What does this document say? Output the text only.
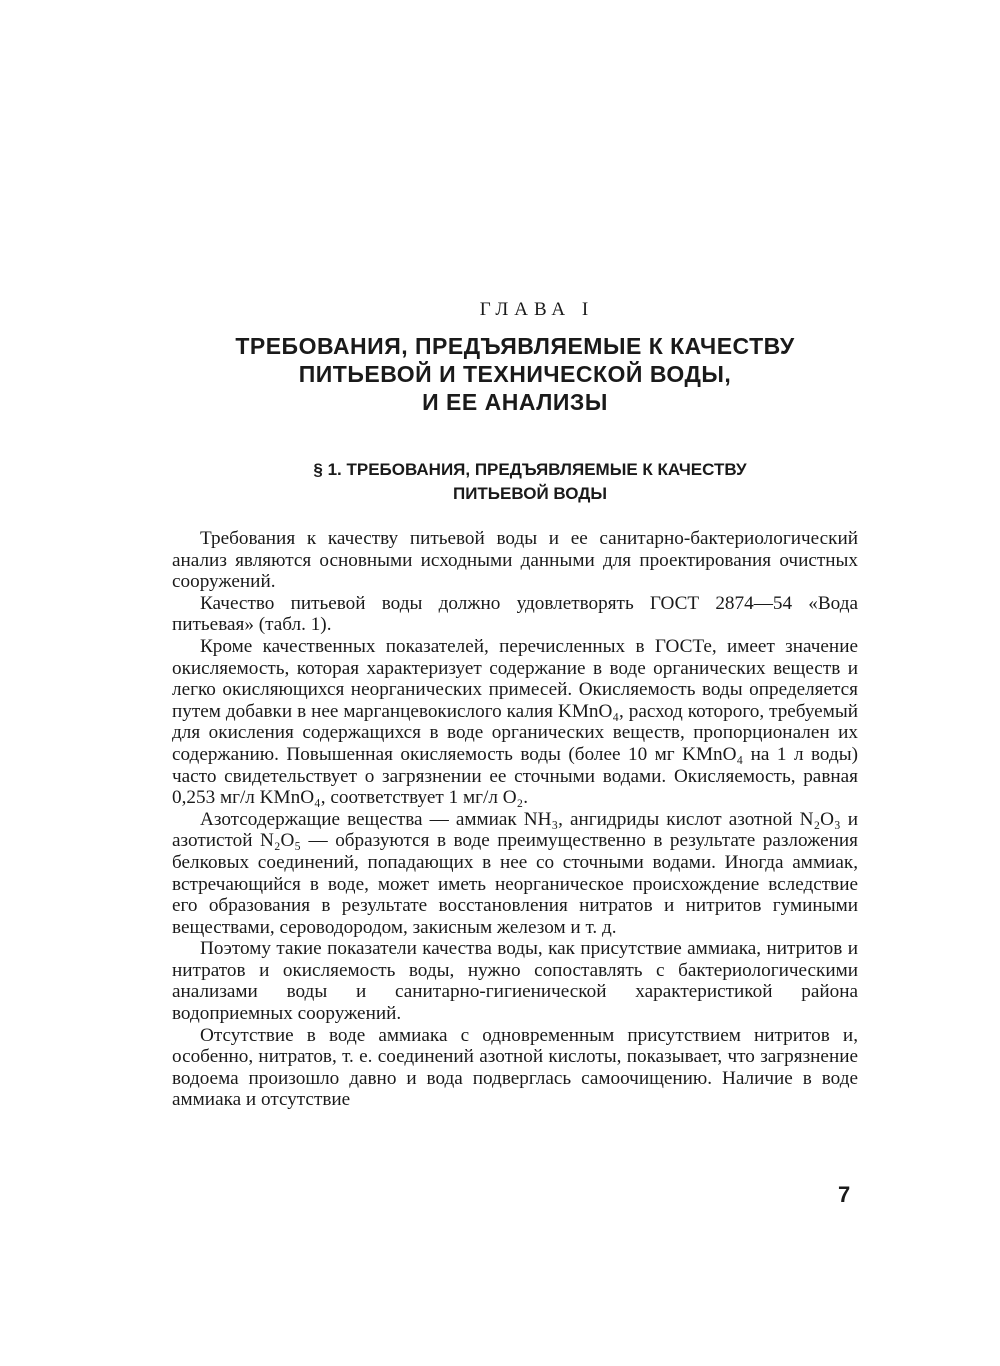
ГЛАВА I
ТРЕБОВАНИЯ, ПРЕДЪЯВЛЯЕМЫЕ К КАЧЕСТВУ
ПИТЬЕВОЙ И ТЕХНИЧЕСКОЙ ВОДЫ,
И ЕЕ АНАЛИЗЫ
§ 1. ТРЕБОВАНИЯ, ПРЕДЪЯВЛЯЕМЫЕ К КАЧЕСТВУ
ПИТЬЕВОЙ ВОДЫ

Требования к качеству питьевой воды и ее санитарно-бактериологический анализ являются основными исходными данными для проектирования очистных сооружений.

Качество питьевой воды должно удовлетворять ГОСТ 2874—54 «Вода питьевая» (табл. 1).

Кроме качественных показателей, перечисленных в ГОСТе, имеет значение окисляемость, которая характеризует содержание в воде органических веществ и легко окисляющихся неорганических примесей. Окисляемость воды определяется путем добавки в нее марганцевокислого калия KMnO₄, расход которого, требуемый для окисления содержащихся в воде органических веществ, пропорционален их содержанию. Повышенная окисляемость воды (более 10 мг KMnO₄ на 1 л воды) часто свидетельствует о загрязнении ее сточными водами. Окисляемость, равная 0,253 мг/л KMnO₄, соответствует 1 мг/л O₂.

Азотсодержащие вещества — аммиак NH₃, ангидриды кислот азотной N₂O₃ и азотистой N₂O₅ — образуются в воде преимущественно в результате разложения белковых соединений, попадающих в нее со сточными водами. Иногда аммиак, встречающийся в воде, может иметь неорганическое происхождение вследствие его образования в результате восстановления нитратов и нитритов гумиными веществами, сероводородом, закисным железом и т. д.

Поэтому такие показатели качества воды, как присутствие аммиака, нитритов и нитратов и окисляемость воды, нужно сопоставлять с бактериологическими анализами воды и санитарно-гигиенической характеристикой района водоприемных сооружений.

Отсутствие в воде аммиака с одновременным присутствием нитритов и, особенно, нитратов, т. е. соединений азотной кислоты, показывает, что загрязнение водоема произошло давно и вода подверглась самоочищению. Наличие в воде аммиака и отсутствие

7
